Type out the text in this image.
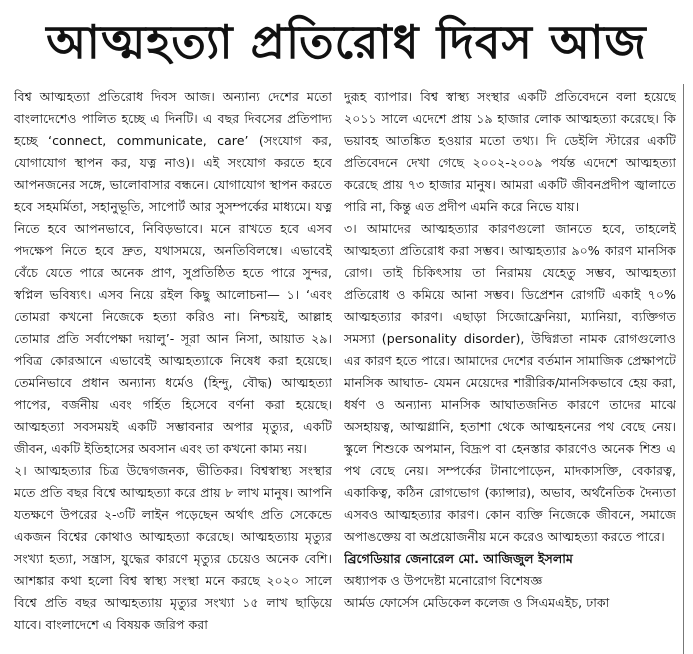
আত্মহত্যা প্রতিরোধ দিবস আজ

বিশ্ব আত্মহত্যা প্রতিরোধ দিবস আজ। অন্যান্য দেশের মতো বাংলাদেশেও পালিত হচ্ছে এ দিনটি। এ বছর দিবসের প্রতিপাদ্য হচ্ছে ‘connect, communicate, care’ (সংযোগ কর, যোগাযোগ স্থাপন কর, যত্ন নাও)। এই সংযোগ করতে হবে আপনজনের সঙ্গে, ভালোবাসার বন্ধনে। যোগাযোগ স্থাপন করতে হবে সহমর্মিতা, সহানুভূতি, সাপোর্ট আর সুসম্পর্কের মাধ্যমে। যত্ন নিতে হবে আপনভাবে, নিবিড়ভাবে। মনে রাখতে হবে এসব পদক্ষেপ নিতে হবে দ্রুত, যথাসময়ে, অনতিবিলম্বে। এভাবেই বেঁচে যেতে পারে অনেক প্রাণ, সুপ্রতিষ্ঠিত হতে পারে সুন্দর, স্বপ্নিল ভবিষ্যৎ। এসব নিয়ে রইল কিছু আলোচনা— ১। ‘এবং তোমরা কখনো নিজেকে হত্যা করিও না। নিশ্চয়ই, আল্লাহ তোমার প্রতি সর্বাপেক্ষা দয়ালু’- সূরা আন নিসা, আয়াত ২৯। পবিত্র কোরআনে এভাবেই আত্মহত্যাকে নিষেধ করা হয়েছে। তেমনিভাবে প্রধান অন্যান্য ধর্মেও (হিন্দু, বৌদ্ধ) আত্মহত্যা পাপের, বর্জনীয় এবং গর্হিত হিসেবে বর্ণনা করা হয়েছে। আত্মহত্যা সবসময়ই একটি সম্ভাবনার অপার মৃত্যুর, একটি জীবন, একটি ইতিহাসের অবসান এবং তা কখনো কাম্য নয়।

২। আত্মহত্যার চিত্র উদ্বেগজনক, ভীতিকর। বিশ্বস্বাস্থ্য সংস্থার মতে প্রতি বছর বিশ্বে আত্মহত্যা করে প্রায় ৮ লাখ মানুষ। আপনি যতক্ষণে উপরের ২-৩টি লাইন পড়েছেন অর্থাৎ প্রতি সেকেন্ডে একজন বিশ্বের কোথাও আত্মহত্যা করেছে। আত্মহত্যায় মৃত্যুর সংখ্যা হত্যা, সন্ত্রাস, যুদ্ধের কারণে মৃত্যুর চেয়েও অনেক বেশি। আশঙ্কার কথা হলো বিশ্ব স্বাস্থ্য সংস্থা মনে করছে ২০২০ সালে বিশ্বে প্রতি বছর আত্মহত্যায় মৃত্যুর সংখ্যা ১৫ লাখ ছাড়িয়ে যাবে। বাংলাদেশে এ বিষয়ক জরিপ করা

দুরূহ ব্যাপার। বিশ্ব স্বাস্থ্য সংস্থার একটি প্রতিবেদনে বলা হয়েছে ২০১১ সালে এদেশে প্রায় ১৯ হাজার লোক আত্মহত্যা করেছে। কি ভয়াবহ আতঙ্কিত হওয়ার মতো তথ্য। দি ডেইলি স্টারের একটি প্রতিবেদনে দেখা গেছে ২০০২-২০০৯ পর্যন্ত এদেশে আত্মহত্যা করেছে প্রায় ৭৩ হাজার মানুষ। আমরা একটি জীবনপ্রদীপ জ্বালাতে পারি না, কিন্তু এত প্রদীপ এমনি করে নিভে যায়।

৩। আমাদের আত্মহত্যার কারণগুলো জানতে হবে, তাহলেই আত্মহত্যা প্রতিরোধ করা সম্ভব। আত্মহত্যার ৯০% কারণ মানসিক রোগ। তাই চিকিৎসায় তা নিরাময় যেহেতু সম্ভব, আত্মহত্যা প্রতিরোধ ও কমিয়ে আনা সম্ভব। ডিপ্রেশন রোগটি একাই ৭০% আত্মহত্যার কারণ। এছাড়া সিজোফ্রেনিয়া, ম্যানিয়া, ব্যক্তিগত সমস্যা (personality disorder), উদ্বিগ্নতা নামক রোগগুলোও এর কারণ হতে পারে। আমাদের দেশের বর্তমান সামাজিক প্রেক্ষাপটে মানসিক আঘাত- যেমন মেয়েদের শারীরিক/মানসিকভাবে হেয় করা, ধর্ষণ ও অন্যান্য মানসিক আঘাতজনিত কারণে তাদের মাঝে অসহায়ত্ব, আত্মগ্লানি, হতাশা থেকে আত্মহননের পথ বেছে নেয়। স্কুলে শিশুকে অপমান, বিদ্রূপ বা হেনস্তার কারণেও অনেক শিশু এ পথ বেছে নেয়। সম্পর্কের টানাপোড়েন, মাদকাসক্তি, বেকারত্ব, একাকিত্ব, কঠিন রোগভোগ (ক্যান্সার), অভাব, অর্থনৈতিক দৈন্যতা এসবও আত্মহত্যার কারণ। কোন ব্যক্তি নিজেকে জীবনে, সমাজে অপাঙক্তেয় বা অপ্রয়োজনীয় মনে করেও আত্মহত্যা করতে পারে।

ব্রিগেডিয়ার জেনারেল মো. আজিজুল ইসলাম

অধ্যাপক ও উপদেষ্টা মনোরোগ বিশেষজ্ঞ

আর্মড ফোর্সেস মেডিকেল কলেজ ও সিএমএইচ, ঢাকা
